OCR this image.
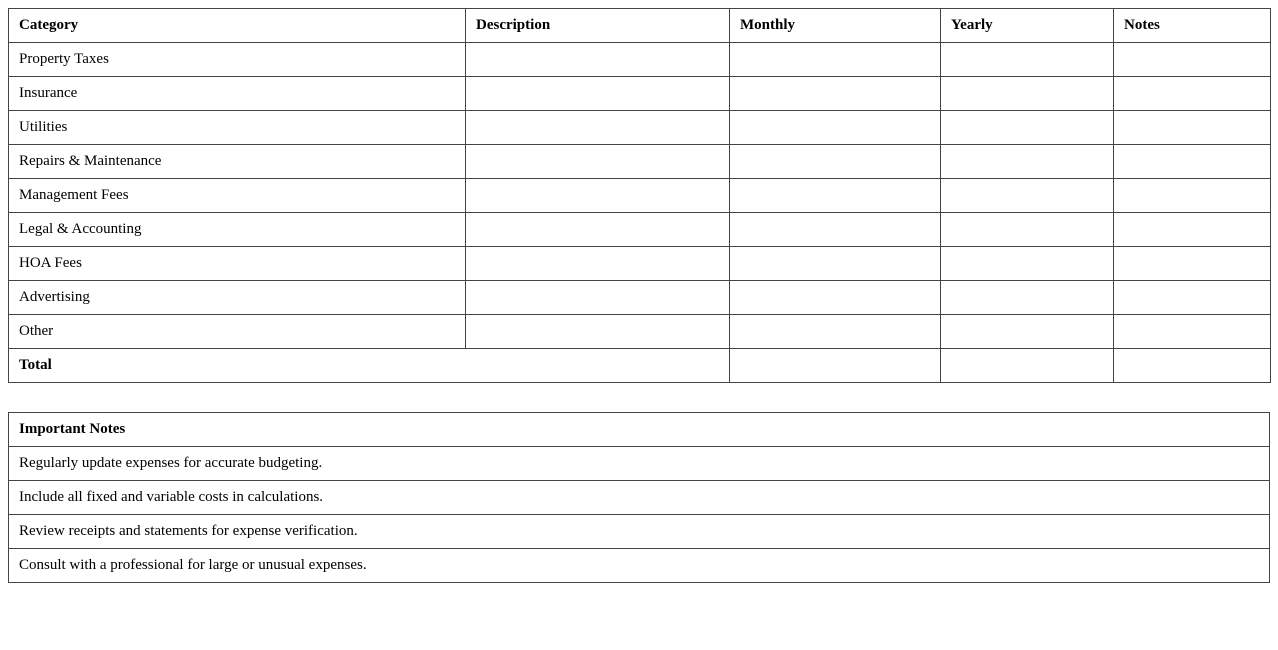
Category	Description	Monthly	Yearly	Notes
Property Taxes				
Insurance				
Utilities				
Repairs & Maintenance				
Management Fees				
Legal & Accounting				
HOA Fees				
Advertising				
Other				
Total				
Important Notes
Regularly update expenses for accurate budgeting.
Include all fixed and variable costs in calculations.
Review receipts and statements for expense verification.
Consult with a professional for large or unusual expenses.
